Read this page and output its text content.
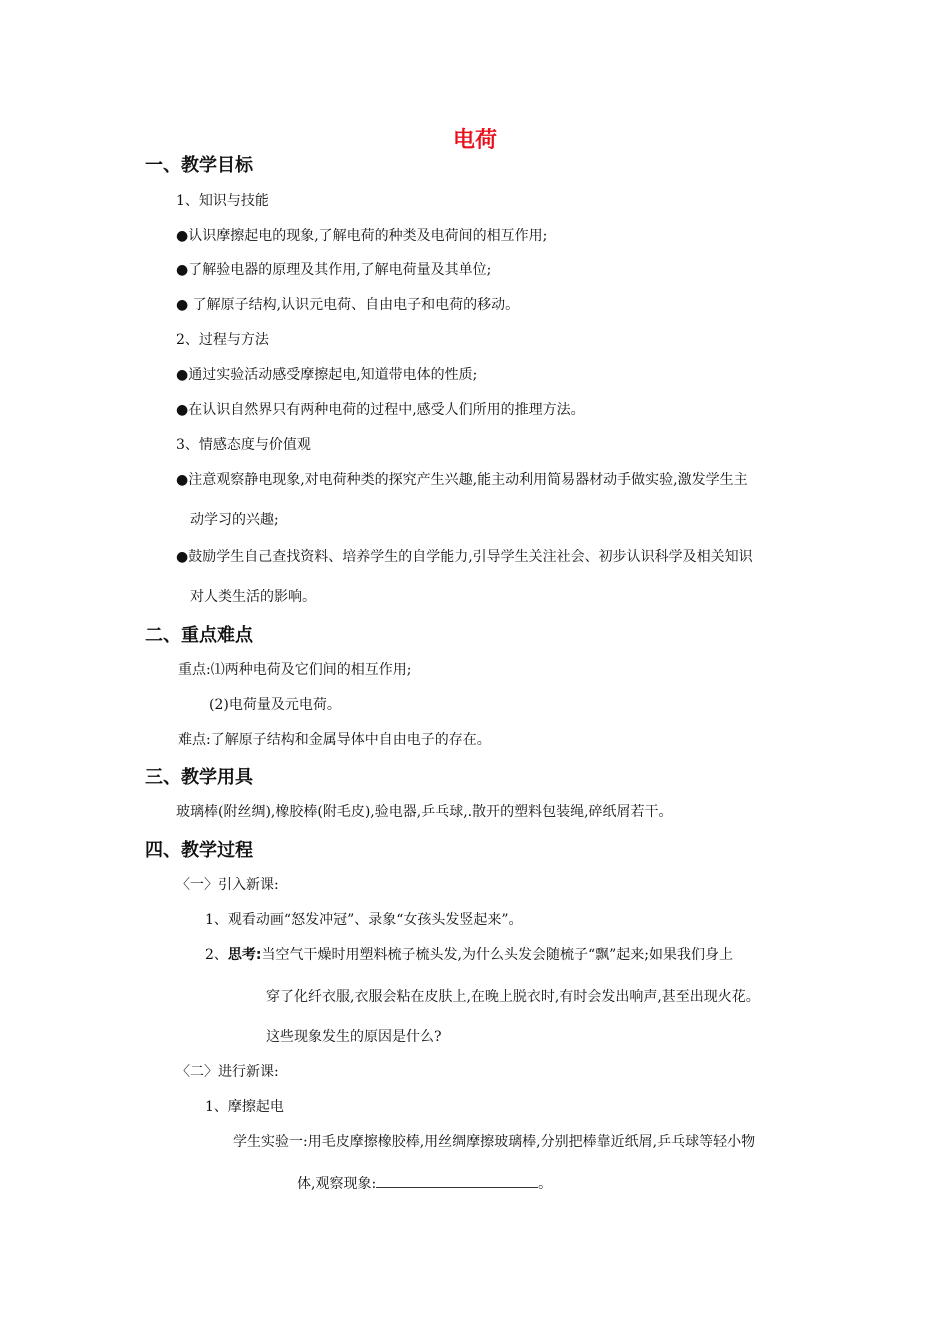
电荷
一、教学目标
1、知识与技能
●认识摩擦起电的现象,了解电荷的种类及电荷间的相互作用;
●了解验电器的原理及其作用,了解电荷量及其单位;
● 了解原子结构,认识元电荷、自由电子和电荷的移动。
2、过程与方法
●通过实验活动感受摩擦起电,知道带电体的性质;
●在认识自然界只有两种电荷的过程中,感受人们所用的推理方法。
3、情感态度与价值观
●注意观察静电现象,对电荷种类的探究产生兴趣,能主动利用简易器材动手做实验,激发学生主
动学习的兴趣;
●鼓励学生自己查找资料、培养学生的自学能力,引导学生关注社会、初步认识科学及相关知识
对人类生活的影响。
二、重点难点
重点:⑴两种电荷及它们间的相互作用;
(2)电荷量及元电荷。
难点:了解原子结构和金属导体中自由电子的存在。
三、教学用具
玻璃棒(附丝绸),橡胶棒(附毛皮),验电器,乒乓球,.散开的塑料包装绳,碎纸屑若干。
四、教学过程
〈一〉引入新课:
1、观看动画“怒发冲冠”、录象“女孩头发竖起来”。
2、思考:当空气干燥时用塑料梳子梳头发,为什么头发会随梳子“飘”起来;如果我们身上
穿了化纤衣服,衣服会粘在皮肤上,在晚上脱衣时,有时会发出响声,甚至出现火花。
这些现象发生的原因是什么?
〈二〉进行新课:
1、摩擦起电
学生实验一:用毛皮摩擦橡胶棒,用丝绸摩擦玻璃棒,分别把棒靠近纸屑,乒乓球等轻小物
体,观察现象:	。
